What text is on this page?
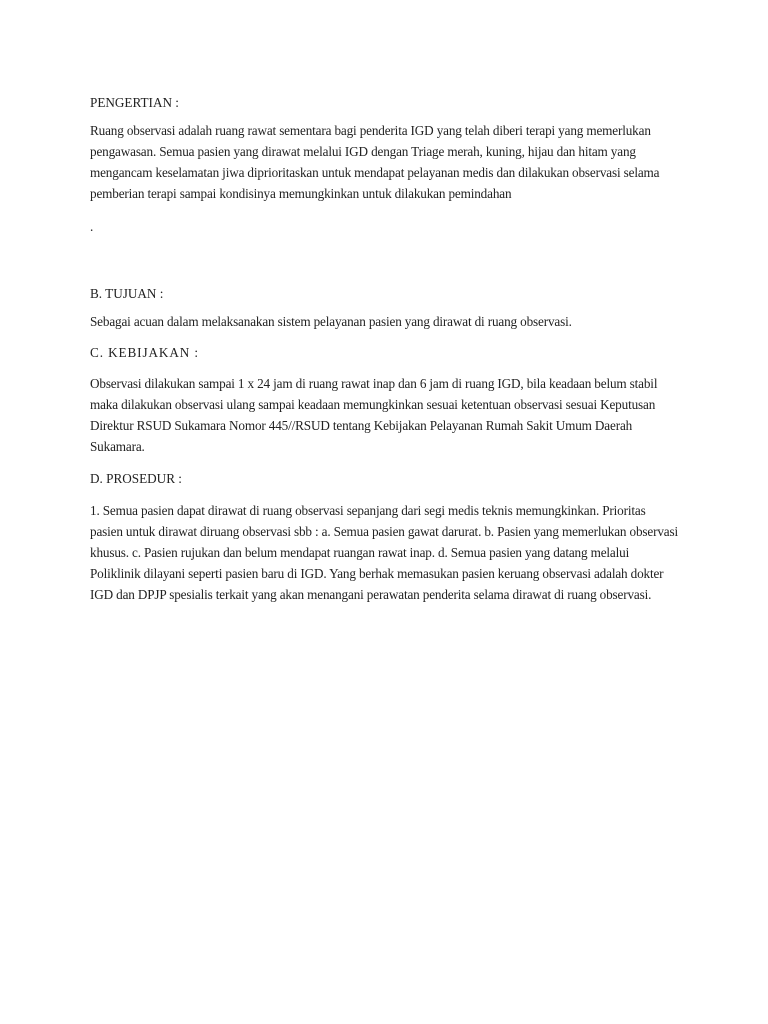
PENGERTIAN :

Ruang observasi adalah ruang rawat sementara bagi penderita IGD yang telah diberi terapi yang memerlukan pengawasan. Semua pasien yang dirawat melalui IGD dengan Triage merah, kuning, hijau dan hitam yang mengancam keselamatan jiwa diprioritaskan untuk mendapat pelayanan medis dan dilakukan observasi selama pemberian terapi sampai kondisinya memungkinkan untuk dilakukan pemindahan

.

B. TUJUAN :

Sebagai acuan dalam melaksanakan sistem pelayanan pasien yang dirawat di ruang observasi.

C. KEBIJAKAN :

Observasi dilakukan sampai 1 x 24 jam di ruang rawat inap dan 6 jam di ruang IGD, bila keadaan belum stabil maka dilakukan observasi ulang sampai keadaan memungkinkan sesuai ketentuan observasi sesuai Keputusan Direktur RSUD Sukamara Nomor 445//RSUD tentang Kebijakan Pelayanan Rumah Sakit Umum Daerah Sukamara.

D. PROSEDUR :

1. Semua pasien dapat dirawat di ruang observasi sepanjang dari segi medis teknis memungkinkan. Prioritas pasien untuk dirawat diruang observasi sbb : a. Semua pasien gawat darurat. b. Pasien yang memerlukan observasi khusus. c. Pasien rujukan dan belum mendapat ruangan rawat inap. d. Semua pasien yang datang melalui Poliklinik dilayani seperti pasien baru di IGD. Yang berhak memasukan pasien keruang observasi adalah dokter IGD dan DPJP spesialis terkait yang akan menangani perawatan penderita selama dirawat di ruang observasi.
